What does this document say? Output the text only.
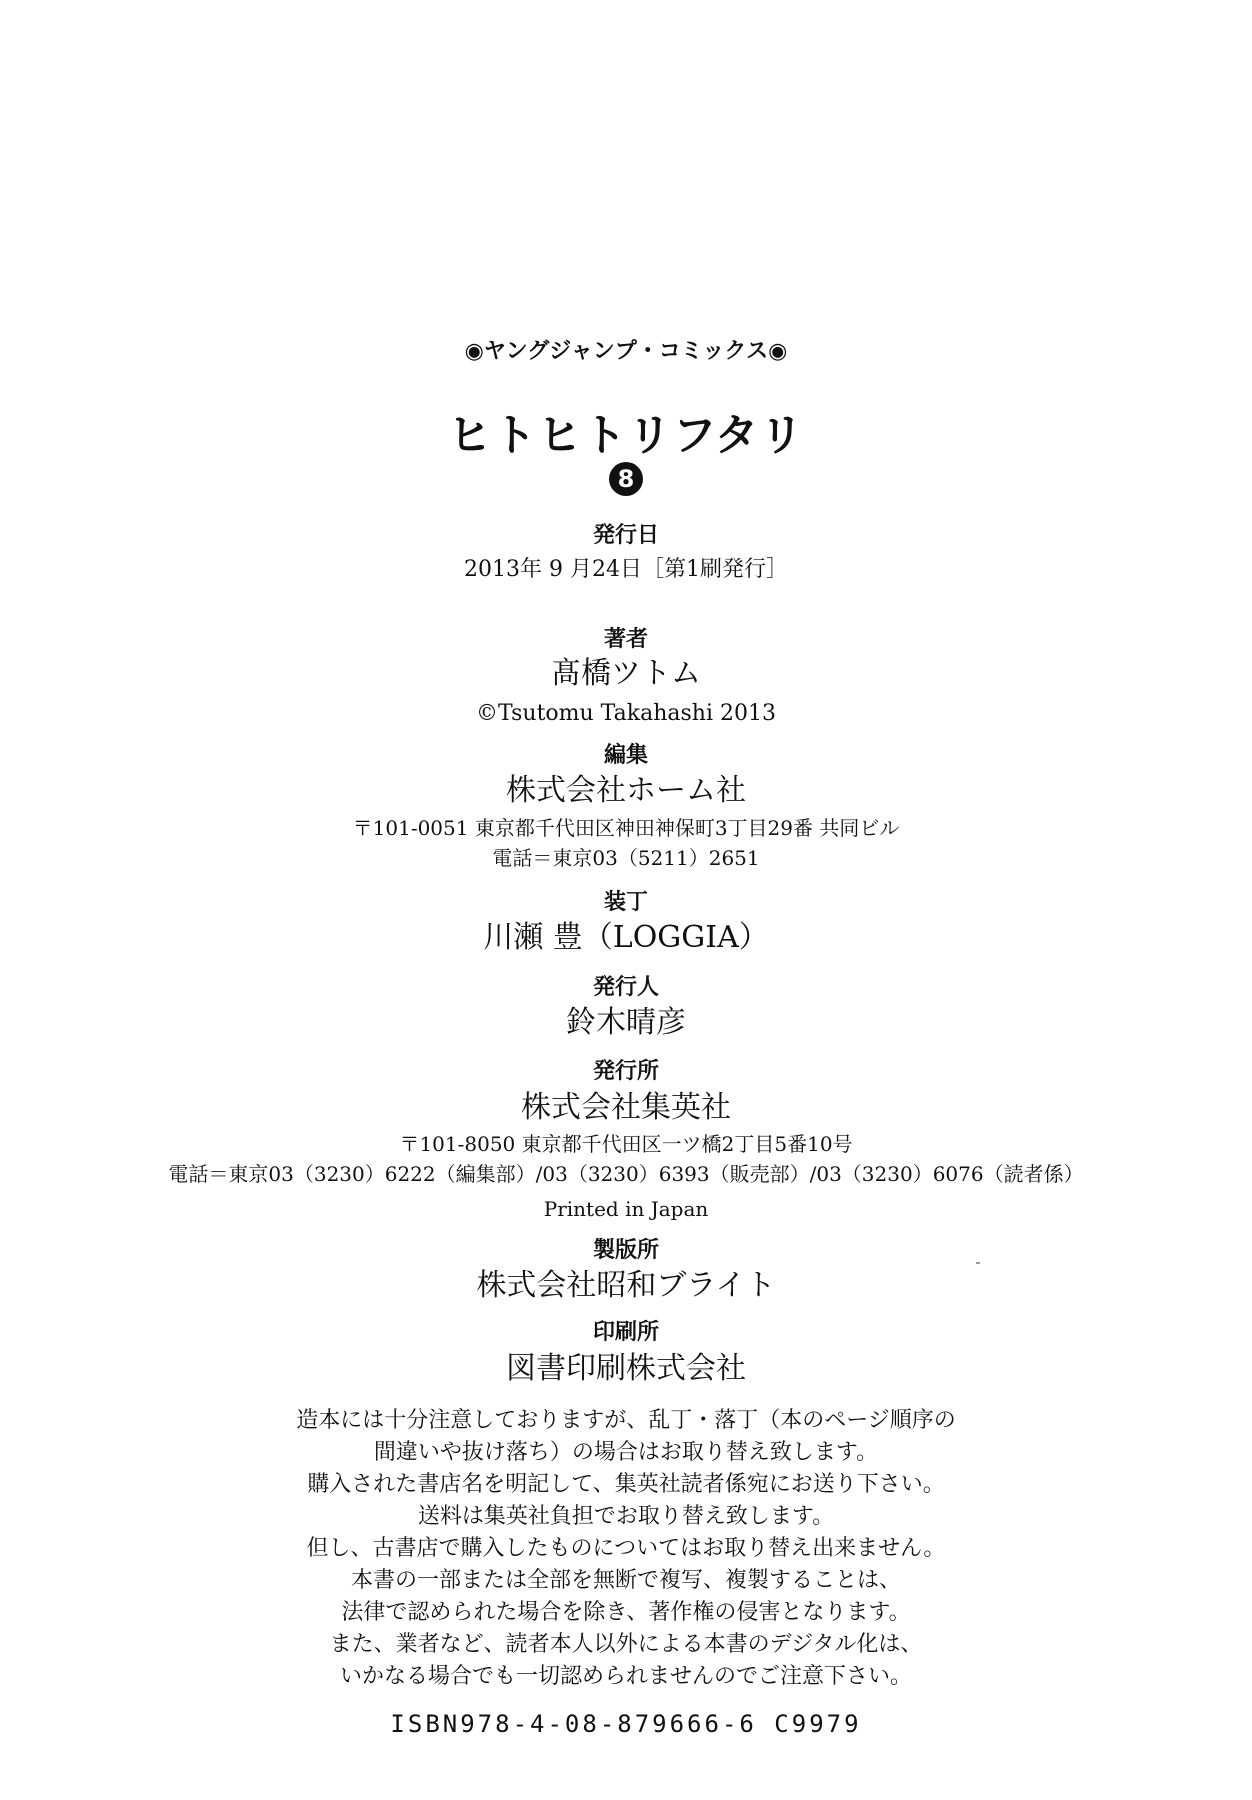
◉ヤングジャンプ・コミックス◉
ヒトヒトリフタリ
8
発行日
2013年 9 月24日［第1刷発行］
著者
髙橋ツトム
©Tsutomu Takahashi 2013
編集
株式会社ホーム社
〒101-0051 東京都千代田区神田神保町3丁目29番 共同ビル
電話＝東京03（5211）2651
装丁
川瀬 豊（LOGGIA）
発行人
鈴木晴彦
発行所
株式会社集英社
〒101-8050 東京都千代田区一ツ橋2丁目5番10号
電話＝東京03（3230）6222（編集部）/03（3230）6393（販売部）/03（3230）6076（読者係）
Printed in Japan
製版所
株式会社昭和ブライト
印刷所
図書印刷株式会社
造本には十分注意しておりますが、乱丁・落丁（本のページ順序の
間違いや抜け落ち）の場合はお取り替え致します。
購入された書店名を明記して、集英社読者係宛にお送り下さい。
送料は集英社負担でお取り替え致します。
但し、古書店で購入したものについてはお取り替え出来ません。
本書の一部または全部を無断で複写、複製することは、
法律で認められた場合を除き、著作権の侵害となります。
また、業者など、読者本人以外による本書のデジタル化は、
いかなる場合でも一切認められませんのでご注意下さい。
ISBN978-4-08-879666-6 C9979
